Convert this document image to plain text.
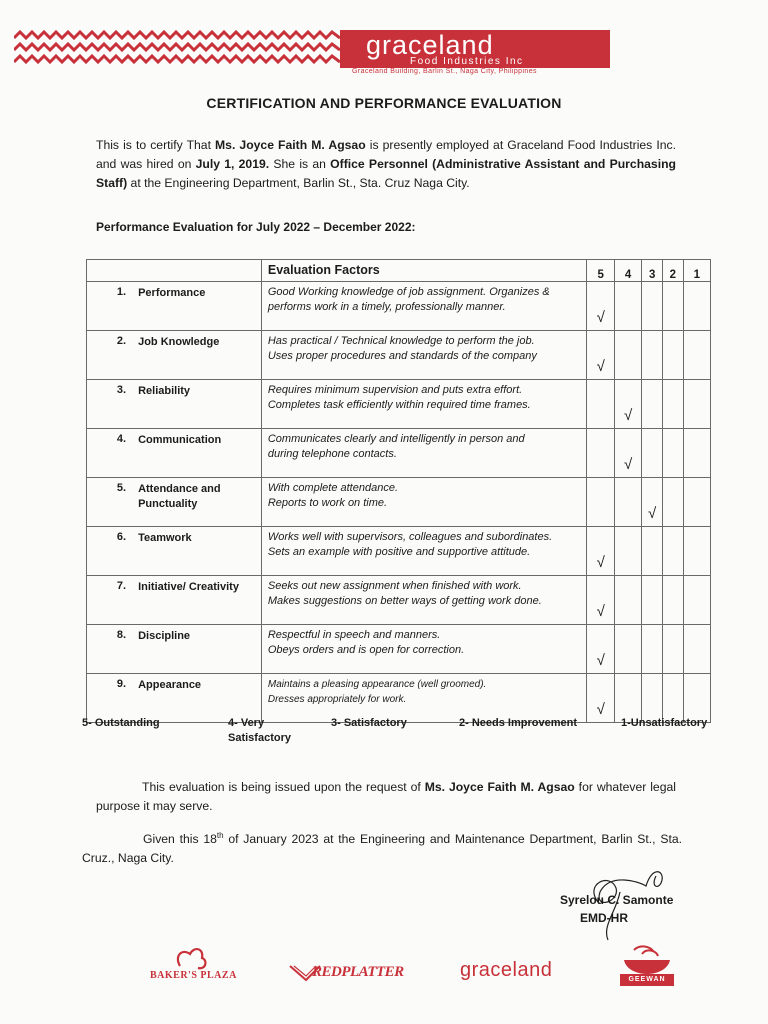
graceland
Food Industries Inc
Graceland Building, Barlin St., Naga City, Philippines
CERTIFICATION AND PERFORMANCE EVALUATION
This is to certify That Ms. Joyce Faith M. Agsao is presently employed at Graceland Food Industries Inc. and was hired on July 1, 2019. She is an Office Personnel (Administrative Assistant and Purchasing Staff) at the Engineering Department, Barlin St., Sta. Cruz Naga City.
Performance Evaluation for July 2022 – December 2022:
		Evaluation Factors	5	4	3	2	1
1.	Performance	Good Working knowledge of job assignment. Organizes &
performs work in a timely, professionally manner.	√				
2.	Job Knowledge	Has practical / Technical knowledge to perform the job.
Uses proper procedures and standards of the company	√				
3.	Reliability	Requires minimum supervision and puts extra effort.
Completes task efficiently within required time frames.		√			
4.	Communication	Communicates clearly and intelligently in person and
during telephone contacts.		√			
5.	Attendance and Punctuality	With complete attendance.
Reports to work on time.			√		
6.	Teamwork	Works well with supervisors, colleagues and subordinates.
Sets an example with positive and supportive attitude.	√				
7.	Initiative/ Creativity	Seeks out new assignment when finished with work.
Makes suggestions on better ways of getting work done.	√				
8.	Discipline	Respectful in speech and manners.
Obeys orders and is open for correction.	√				
9.	Appearance	Maintains a pleasing appearance (well groomed).
Dresses appropriately for work.	√				
5- Outstanding	4- Very
Satisfactory
3- Satisfactory	2- Needs Improvement	1-Unsatisfactory
This evaluation is being issued upon the request of Ms. Joyce Faith M. Agsao for whatever legal purpose it may serve.
Given this 18th of January 2023 at the Engineering and Maintenance Department, Barlin St., Sta. Cruz., Naga City.
Syrelou C. Samonte
EMD-HR
BAKER'S PLAZA	REDPLATTER	graceland	GEEWAN
